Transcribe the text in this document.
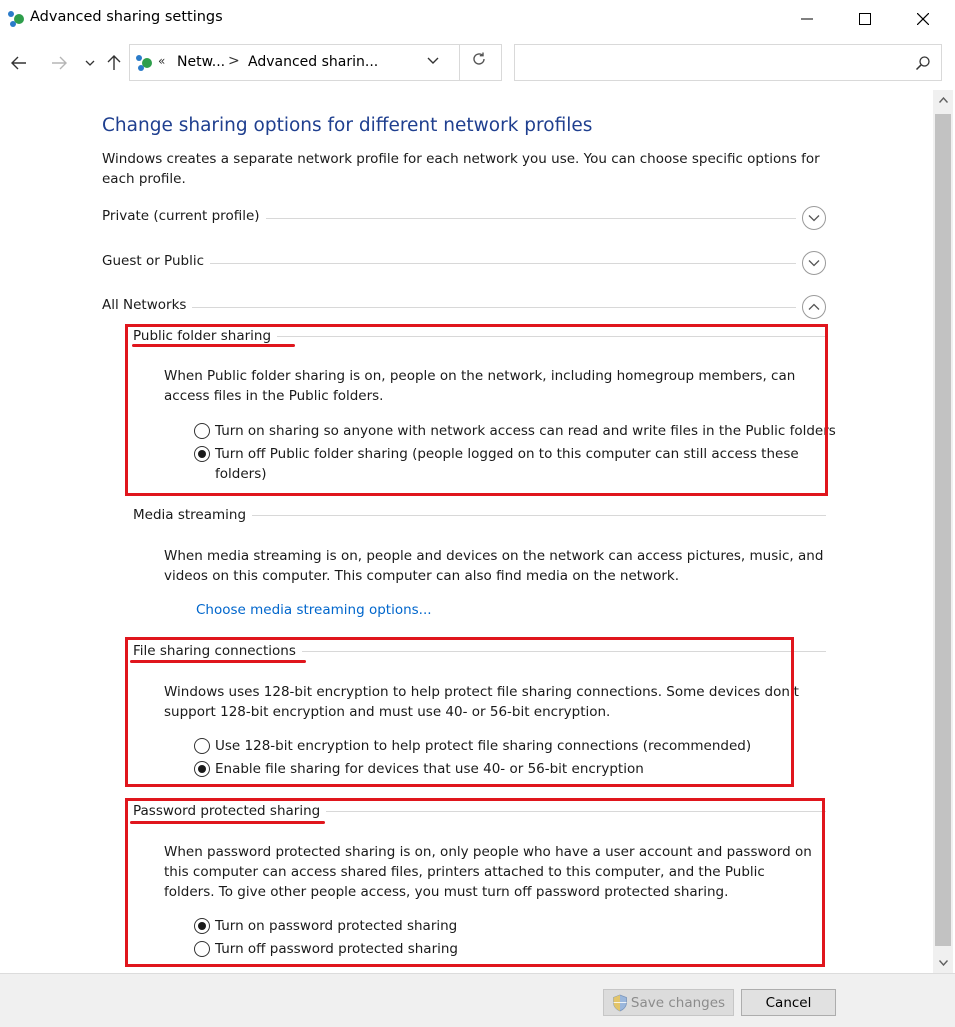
Advanced sharing settings
« Netw... > Advanced sharin...
Change sharing options for different network profiles
Windows creates a separate network profile for each network you use. You can choose specific options for each profile.
Private (current profile)
Guest or Public
All Networks
Public folder sharing
When Public folder sharing is on, people on the network, including homegroup members, can access files in the Public folders.
Turn on sharing so anyone with network access can read and write files in the Public folders
Turn off Public folder sharing (people logged on to this computer can still access these
folders)
Media streaming
When media streaming is on, people and devices on the network can access pictures, music, and videos on this computer. This computer can also find media on the network.
Choose media streaming options...
File sharing connections
Windows uses 128-bit encryption to help protect file sharing connections. Some devices don't support 128-bit encryption and must use 40- or 56-bit encryption.
Use 128-bit encryption to help protect file sharing connections (recommended)
Enable file sharing for devices that use 40- or 56-bit encryption
Password protected sharing
When password protected sharing is on, only people who have a user account and password on this computer can access shared files, printers attached to this computer, and the Public folders. To give other people access, you must turn off password protected sharing.
Turn on password protected sharing
Turn off password protected sharing
Save changes	Cancel
